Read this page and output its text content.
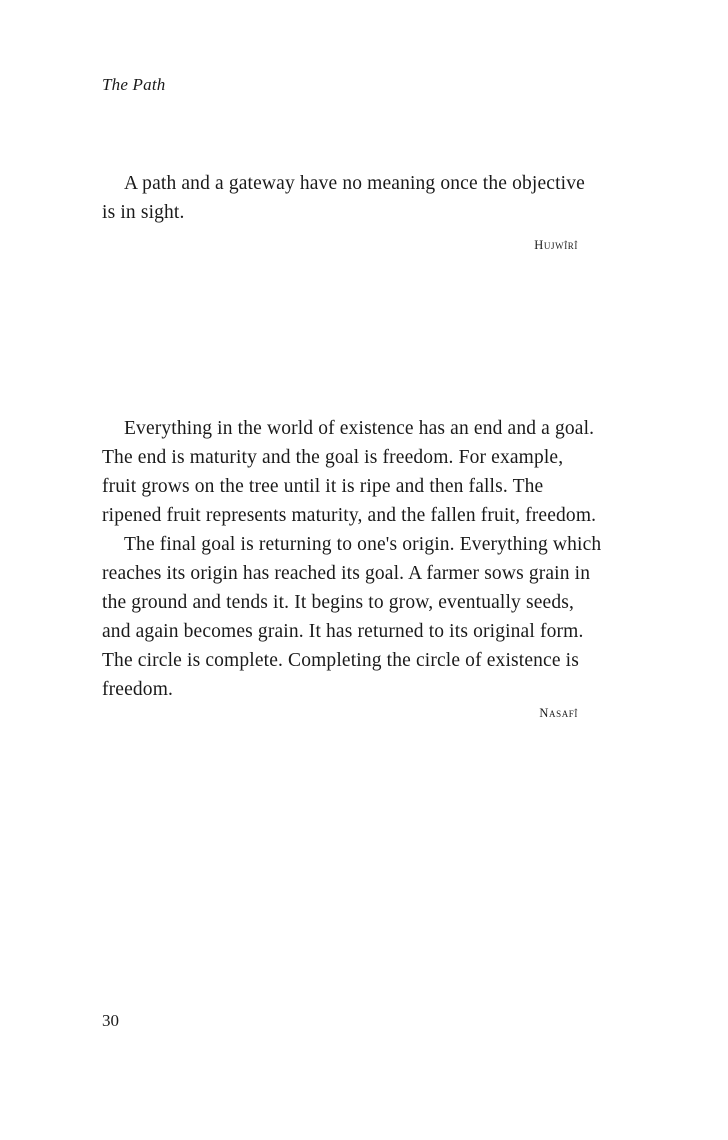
The Path

A path and a gateway have no meaning once the objective is in sight.

Hujwîrî

Everything in the world of existence has an end and a goal. The end is maturity and the goal is freedom. For example, fruit grows on the tree until it is ripe and then falls. The ripened fruit represents maturity, and the fallen fruit, freedom.

The final goal is returning to one's origin. Everything which reaches its origin has reached its goal. A farmer sows grain in the ground and tends it. It begins to grow, eventually seeds, and again becomes grain. It has returned to its original form. The circle is complete. Completing the circle of existence is freedom.

Nasafî
30
